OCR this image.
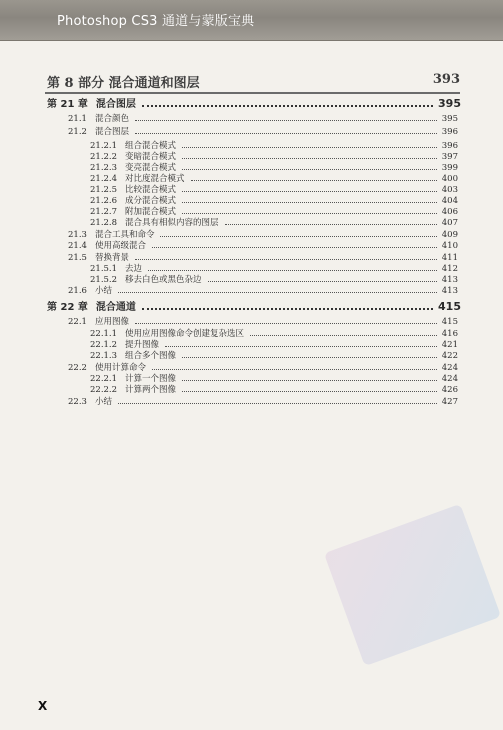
Photoshop CS3 通道与蒙版宝典
第 8 部分 混合通道和图层	393
第 21 章 混合图层	395
21.1 混合颜色	395
21.2 混合图层	396
21.2.1 组合混合模式	396
21.2.2 变暗混合模式	397
21.2.3 变亮混合模式	399
21.2.4 对比度混合模式	400
21.2.5 比较混合模式	403
21.2.6 成分混合模式	404
21.2.7 附加混合模式	406
21.2.8 混合具有相似内容的图层	407
21.3 混合工具和命令	409
21.4 使用高级混合	410
21.5 替换背景	411
21.5.1 去边	412
21.5.2 移去白色或黑色杂边	413
21.6 小结	413
第 22 章 混合通道	415
22.1 应用图像	415
22.1.1 使用应用图像命令创建复杂选区	416
22.1.2 提升图像	421
22.1.3 组合多个图像	422
22.2 使用计算命令	424
22.2.1 计算一个图像	424
22.2.2 计算两个图像	426
22.3 小结	427
X
